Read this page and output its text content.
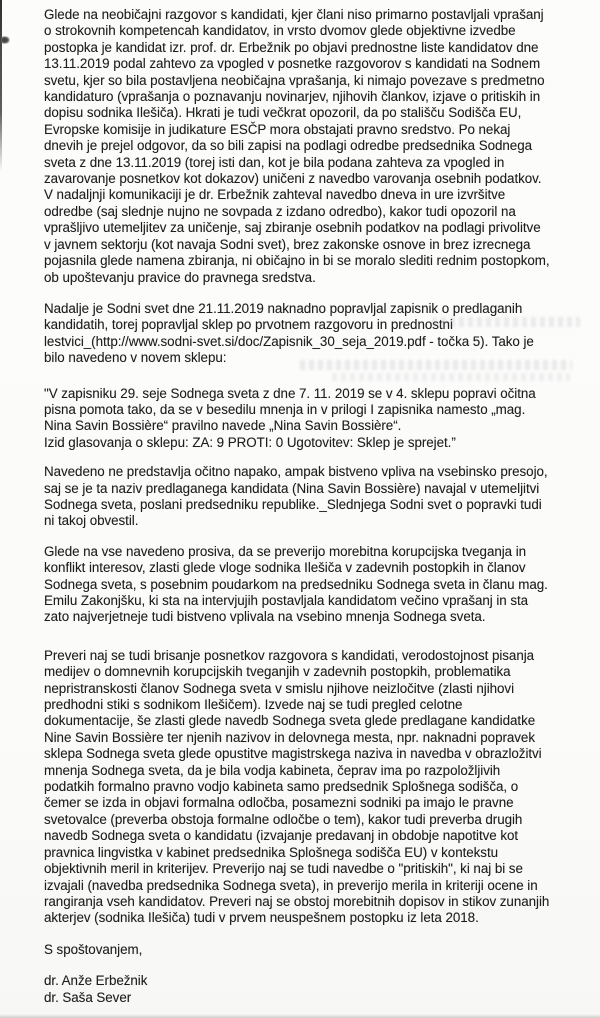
Glede na neobičajni razgovor s kandidati, kjer člani niso primarno postavljali vprašanj
o strokovnih kompetencah kandidatov, in vrsto dvomov glede objektivne izvedbe
postopka je kandidat izr. prof. dr. Erbežnik po objavi prednostne liste kandidatov dne
13.11.2019 podal zahtevo za vpogled v posnetke razgovorov s kandidati na Sodnem
svetu, kjer so bila postavljena neobičajna vprašanja, ki nimajo povezave s predmetno
kandidaturo (vprašanja o poznavanju novinarjev, njihovih člankov, izjave o pritiskih in
dopisu sodnika Ilešiča). Hkrati je tudi večkrat opozoril, da po stališču Sodišča EU,
Evropske komisije in judikature ESČP mora obstajati pravno sredstvo. Po nekaj
dnevih je prejel odgovor, da so bili zapisi na podlagi odredbe predsednika Sodnega
sveta z dne 13.11.2019 (torej isti dan, kot je bila podana zahteva za vpogled in
zavarovanje posnetkov kot dokazov) uničeni z navedbo varovanja osebnih podatkov.
V nadaljnji komunikaciji je dr. Erbežnik zahteval navedbo dneva in ure izvršitve
odredbe (saj slednje nujno ne sovpada z izdano odredbo), kakor tudi opozoril na
vprašljivo utemeljitev za uničenje, saj zbiranje osebnih podatkov na podlagi privolitve
v javnem sektorju (kot navaja Sodni svet), brez zakonske osnove in brez izrecnega
pojasnila glede namena zbiranja, ni običajno in bi se moralo slediti rednim postopkom,
ob upoštevanju pravice do pravnega sredstva.
Nadalje je Sodni svet dne 21.11.2019 naknadno popravljal zapisnik o predlaganih
kandidatih, torej popravljal sklep po prvotnem razgovoru in prednostni
lestvici_(http://www.sodni-svet.si/doc/Zapisnik_30_seja_2019.pdf - točka 5). Tako je
bilo navedeno v novem sklepu:
"V zapisniku 29. seje Sodnega sveta z dne 7. 11. 2019 se v 4. sklepu popravi očitna
pisna pomota tako, da se v besedilu mnenja in v prilogi I zapisnika namesto „mag.
Nina Savin Bossière“ pravilno navede „Nina Savin Bossière“.
Izid glasovanja o sklepu: ZA: 9 PROTI: 0 Ugotovitev: Sklep je sprejet.”
Navedeno ne predstavlja očitno napako, ampak bistveno vpliva na vsebinsko presojo,
saj se je ta naziv predlaganega kandidata (Nina Savin Bossière) navajal v utemeljitvi
Sodnega sveta, poslani predsedniku republike._Slednjega Sodni svet o popravki tudi
ni takoj obvestil.
Glede na vse navedeno prosiva, da se preverijo morebitna korupcijska tveganja in
konflikt interesov, zlasti glede vloge sodnika Ilešiča v zadevnih postopkih in članov
Sodnega sveta, s posebnim poudarkom na predsedniku Sodnega sveta in članu mag.
Emilu Zakonjšku, ki sta na intervjujih postavljala kandidatom večino vprašanj in sta
zato najverjetneje tudi bistveno vplivala na vsebino mnenja Sodnega sveta.
Preveri naj se tudi brisanje posnetkov razgovora s kandidati, verodostojnost pisanja
medijev o domnevnih korupcijskih tveganjih v zadevnih postopkih, problematika
nepristranskosti članov Sodnega sveta v smislu njihove neizločitve (zlasti njihovi
predhodni stiki s sodnikom Ilešičem). Izvede naj se tudi pregled celotne
dokumentacije, še zlasti glede navedb Sodnega sveta glede predlagane kandidatke
Nine Savin Bossière ter njenih nazivov in delovnega mesta, npr. naknadni popravek
sklepa Sodnega sveta glede opustitve magistrskega naziva in navedba v obrazložitvi
mnenja Sodnega sveta, da je bila vodja kabineta, čeprav ima po razpoložljivih
podatkih formalno pravno vodjo kabineta samo predsednik Splošnega sodišča, o
čemer se izda in objavi formalna odločba, posamezni sodniki pa imajo le pravne
svetovalce (preverba obstoja formalne odločbe o tem), kakor tudi preverba drugih
navedb Sodnega sveta o kandidatu (izvajanje predavanj in obdobje napotitve kot
pravnica lingvistka v kabinet predsednika Splošnega sodišča EU) v kontekstu
objektivnih meril in kriterijev. Preverijo naj se tudi navedbe o "pritiskih", ki naj bi se
izvajali (navedba predsednika Sodnega sveta), in preverijo merila in kriteriji ocene in
rangiranja vseh kandidatov. Preveri naj se obstoj morebitnih dopisov in stikov zunanjih
akterjev (sodnika Ilešiča) tudi v prvem neuspešnem postopku iz leta 2018.
S spoštovanjem,
dr. Anže Erbežnik
dr. Saša Sever
